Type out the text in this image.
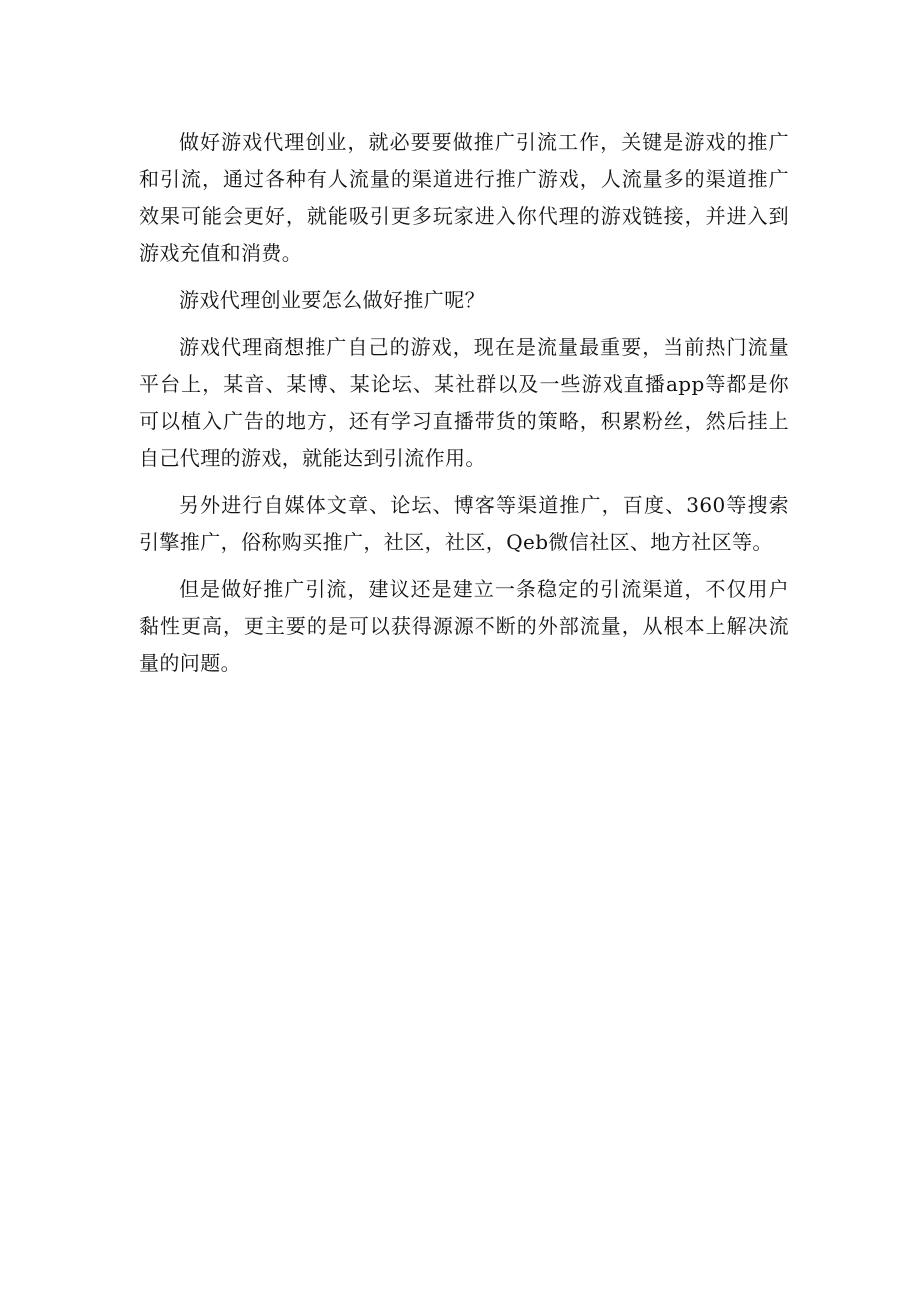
做好游戏代理创业，就必要要做推广引流工作，关键是游戏的推广和引流，通过各种有人流量的渠道进行推广游戏，人流量多的渠道推广效果可能会更好，就能吸引更多玩家进入你代理的游戏链接，并进入到游戏充值和消费。

游戏代理创业要怎么做好推广呢？

游戏代理商想推广自己的游戏，现在是流量最重要，当前热门流量平台上，某音、某博、某论坛、某社群以及一些游戏直播app等都是你可以植入广告的地方，还有学习直播带货的策略，积累粉丝，然后挂上自己代理的游戏，就能达到引流作用。

另外进行自媒体文章、论坛、博客等渠道推广，百度、360等搜索引擎推广，俗称购买推广，社区，社区，Qeb微信社区、地方社区等。

但是做好推广引流，建议还是建立一条稳定的引流渠道，不仅用户黏性更高，更主要的是可以获得源源不断的外部流量，从根本上解决流量的问题。
